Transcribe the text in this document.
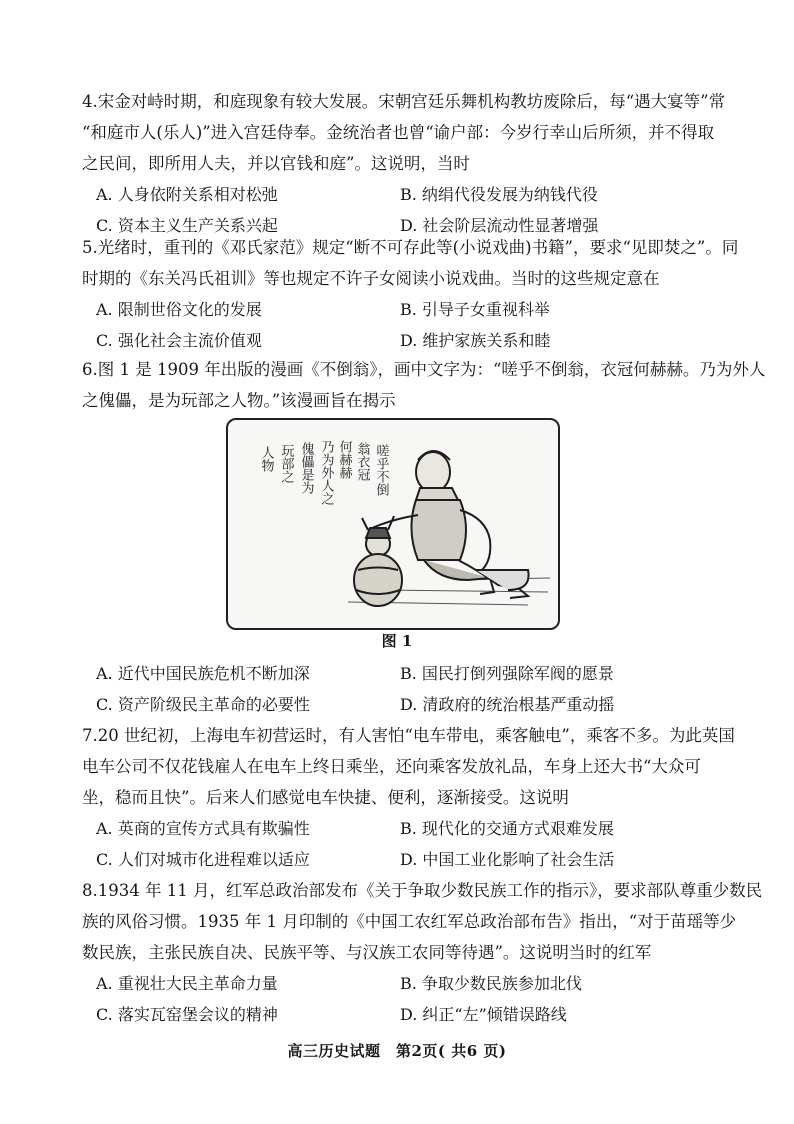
4.宋金对峙时期，和庭现象有较大发展。宋朝宫廷乐舞机构教坊废除后，每“遇大宴等”常
“和庭市人(乐人)”进入宫廷侍奉。金统治者也曾“谕户部：今岁行幸山后所须，并不得取
之民间，即所用人夫，并以官钱和庭”。这说明，当时
A. 人身依附关系相对松弛	B. 纳绢代役发展为纳钱代役
C. 资本主义生产关系兴起	D. 社会阶层流动性显著增强
5.光绪时，重刊的《邓氏家范》规定“断不可存此等(小说戏曲)书籍”，要求“见即焚之”。同
时期的《东关冯氏祖训》等也规定不许子女阅读小说戏曲。当时的这些规定意在
A. 限制世俗文化的发展	B. 引导子女重视科举
C. 强化社会主流价值观	D. 维护家族关系和睦
6.图 1 是 1909 年出版的漫画《不倒翁》，画中文字为：“嗟乎不倒翁，衣冠何赫赫。乃为外人
之傀儡，是为玩部之人物。”该漫画旨在揭示
嗟乎不倒
翁衣冠
何赫赫
乃为外人之
傀儡是为
玩部之
人物
图 1
A. 近代中国民族危机不断加深	B. 国民打倒列强除军阀的愿景
C. 资产阶级民主革命的必要性	D. 清政府的统治根基严重动摇
7.20 世纪初，上海电车初营运时，有人害怕“电车带电，乘客触电”，乘客不多。为此英国
电车公司不仅花钱雇人在电车上终日乘坐，还向乘客发放礼品，车身上还大书“大众可
坐，稳而且快”。后来人们感觉电车快捷、便利，逐渐接受。这说明
A. 英商的宣传方式具有欺骗性	B. 现代化的交通方式艰难发展
C. 人们对城市化进程难以适应	D. 中国工业化影响了社会生活
8.1934 年 11 月，红军总政治部发布《关于争取少数民族工作的指示》，要求部队尊重少数民
族的风俗习惯。1935 年 1 月印制的《中国工农红军总政治部布告》指出，“对于苗瑶等少
数民族，主张民族自决、民族平等、与汉族工农同等待遇”。这说明当时的红军
A. 重视壮大民主革命力量	B. 争取少数民族参加北伐
C. 落实瓦窑堡会议的精神	D. 纠正“左”倾错误路线
高三历史试题　第2页( 共6 页)
